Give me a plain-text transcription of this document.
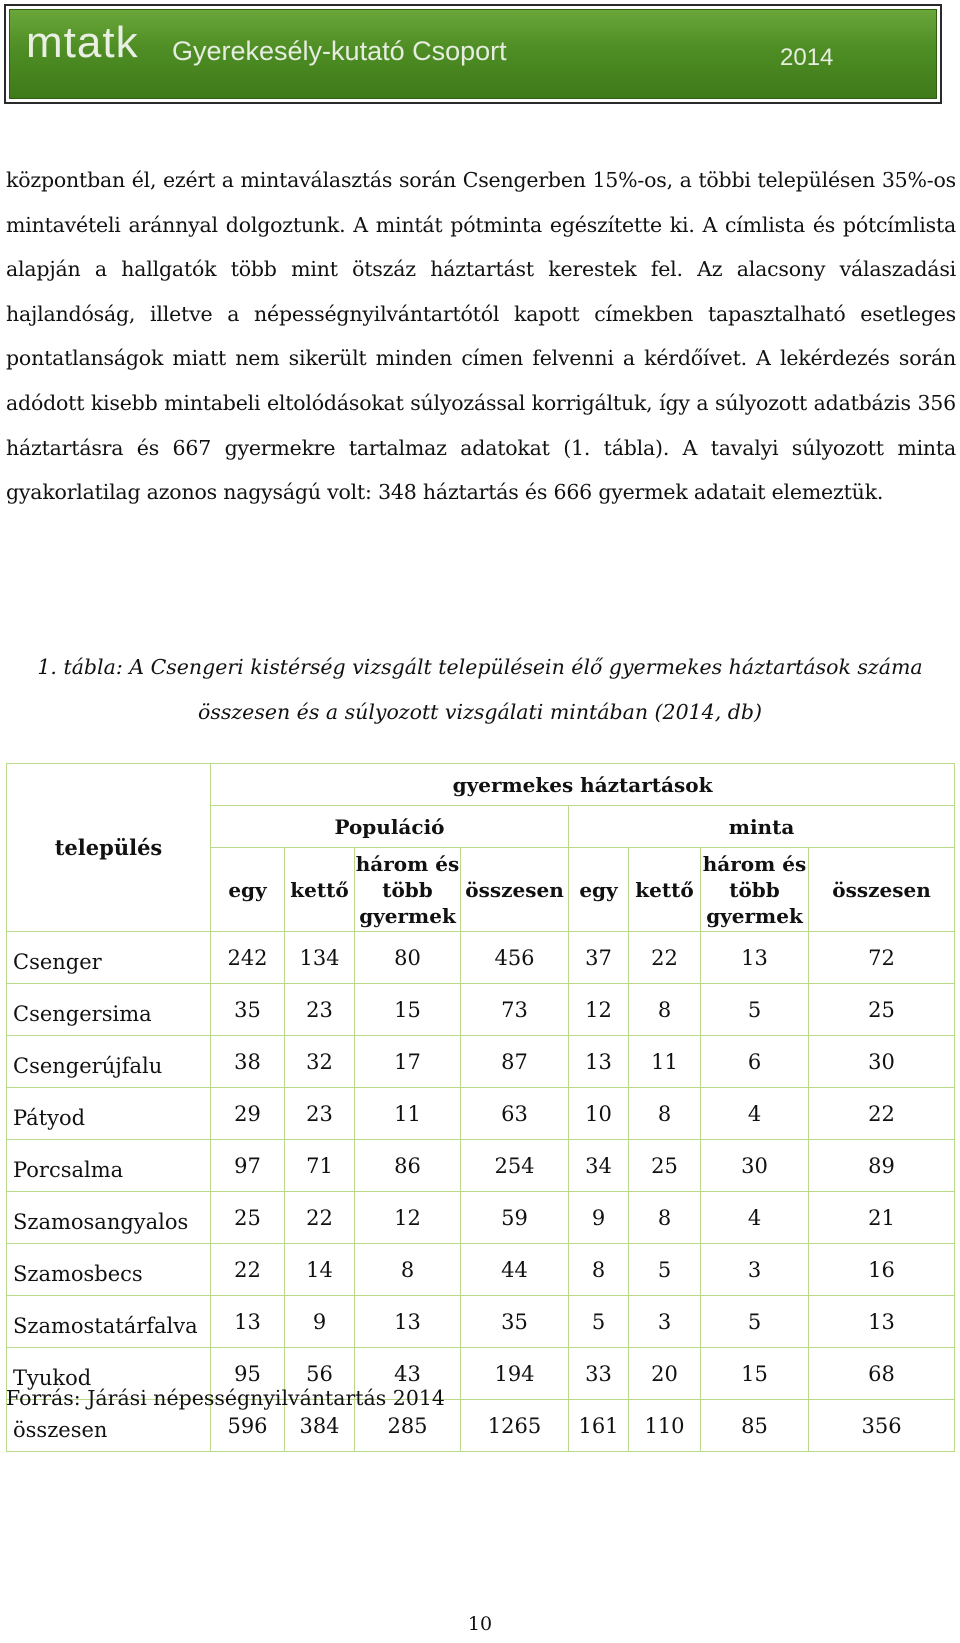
mtatk Gyerekesély-kutató Csoport	2014

központban él, ezért a mintaválasztás során Csengerben 15%-os, a többi településen 35%-os mintavételi aránnyal dolgoztunk. A mintát pótminta egészítette ki. A címlista és pótcímlista alapján a hallgatók több mint ötszáz háztartást kerestek fel. Az alacsony válaszadási hajlandóság, illetve a népességnyilvántartótól kapott címekben tapasztalható esetleges pontatlanságok miatt nem sikerült minden címen felvenni a kérdőívet. A lekérdezés során adódott kisebb mintabeli eltolódásokat súlyozással korrigáltuk, így a súlyozott adatbázis 356 háztartásra és 667 gyermekre tartalmaz adatokat (1. tábla). A tavalyi súlyozott minta gyakorlatilag azonos nagyságú volt: 348 háztartás és 666 gyermek adatait elemeztük.

1. tábla: A Csengeri kistérség vizsgált településein élő gyermekes háztartások száma
összesen és a súlyozott vizsgálati mintában (2014, db)
település	gyermekes háztartások							
	Populáció				minta			
	egy	kettő	három és több gyermek	összesen	egy	kettő	három és több gyermek	összesen
Csenger	242	134	80	456	37	22	13	72
Csengersima	35	23	15	73	12	8	5	25
Csengerújfalu	38	32	17	87	13	11	6	30
Pátyod	29	23	11	63	10	8	4	22
Porcsalma	97	71	86	254	34	25	30	89
Szamosangyalos	25	22	12	59	9	8	4	21
Szamosbecs	22	14	8	44	8	5	3	16
Szamostatárfalva	13	9	13	35	5	3	5	13
Tyukod	95	56	43	194	33	20	15	68
összesen	596	384	285	1265	161	110	85	356
Forrás: Járási népességnyilvántartás 2014
10
